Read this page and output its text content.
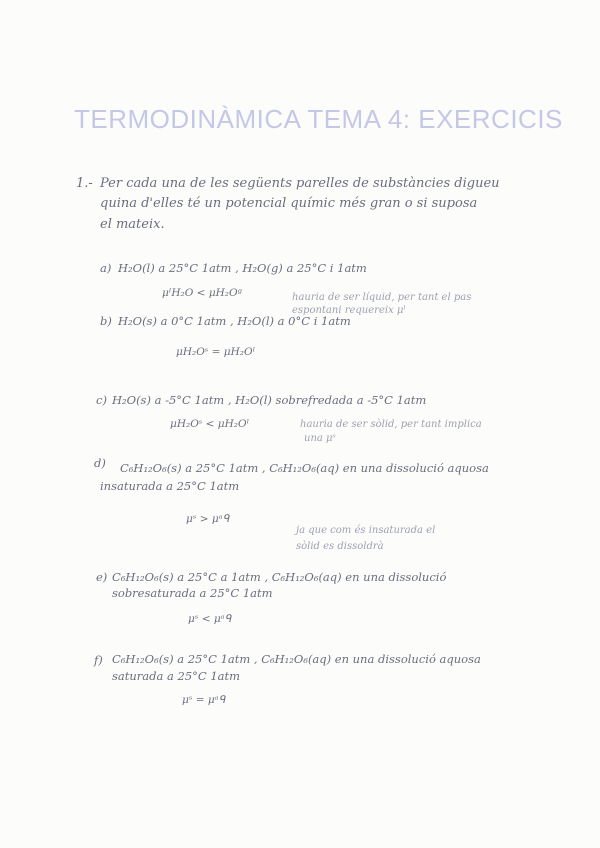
TERMODINÀMICA TEMA 4: EXERCICIS
1.- Per cada una de les següents parelles de substàncies digueu
quina d'elles té un potencial químic més gran o si suposa
el mateix.
a) H₂O(l) a 25°C 1atm , H₂O(g) a 25°C i 1atm
μˡH₂O < μH₂Oᵍ	hauria de ser líquid, per tant el pas
espontani requereix μˡ
b) H₂O(s) a 0°C 1atm , H₂O(l) a 0°C i 1atm
μH₂Oˢ = μH₂Oˡ
c) H₂O(s) a -5°C 1atm , H₂O(l) sobrefredada a -5°C 1atm
μH₂Oˢ < μH₂Oˡ	hauria de ser sòlid, per tant implica
una μˢ
d) C₆H₁₂O₆(s) a 25°C 1atm , C₆H₁₂O₆(aq) en una dissolució aquosa
insaturada a 25°C 1atm
μˢ > μᵃᑫ
ja que com és insaturada el
sòlid es dissoldrà
e) C₆H₁₂O₆(s) a 25°C a 1atm , C₆H₁₂O₆(aq) en una dissolució
sobresaturada a 25°C 1atm
μˢ < μᵃᑫ
f) C₆H₁₂O₆(s) a 25°C 1atm , C₆H₁₂O₆(aq) en una dissolució aquosa
saturada a 25°C 1atm
μˢ = μᵃᑫ
